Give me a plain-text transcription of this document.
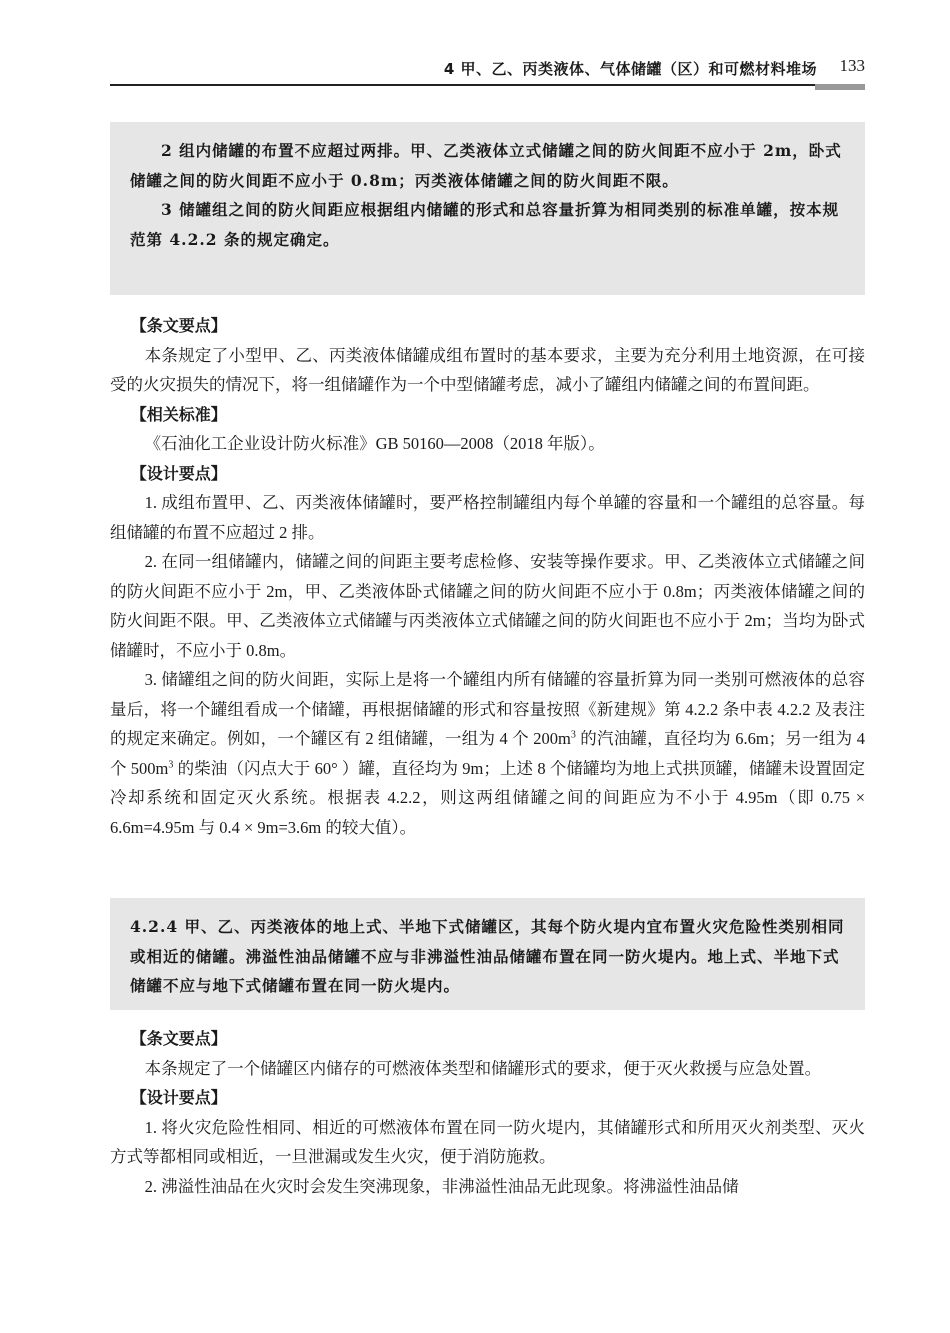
4 甲、乙、丙类液体、气体储罐（区）和可燃材料堆场 133

2 组内储罐的布置不应超过两排。甲、乙类液体立式储罐之间的防火间距不应小于 2m，卧式储罐之间的防火间距不应小于 0.8m；丙类液体储罐之间的防火间距不限。

3 储罐组之间的防火间距应根据组内储罐的形式和总容量折算为相同类别的标准单罐，按本规范第 4.2.2 条的规定确定。

【条文要点】

本条规定了小型甲、乙、丙类液体储罐成组布置时的基本要求，主要为充分利用土地资源，在可接受的火灾损失的情况下，将一组储罐作为一个中型储罐考虑，减小了罐组内储罐之间的布置间距。

【相关标准】

《石油化工企业设计防火标准》GB 50160—2008（2018 年版）。

【设计要点】

1. 成组布置甲、乙、丙类液体储罐时，要严格控制罐组内每个单罐的容量和一个罐组的总容量。每组储罐的布置不应超过 2 排。

2. 在同一组储罐内，储罐之间的间距主要考虑检修、安装等操作要求。甲、乙类液体立式储罐之间的防火间距不应小于 2m，甲、乙类液体卧式储罐之间的防火间距不应小于 0.8m；丙类液体储罐之间的防火间距不限。甲、乙类液体立式储罐与丙类液体立式储罐之间的防火间距也不应小于 2m；当均为卧式储罐时，不应小于 0.8m。

3. 储罐组之间的防火间距，实际上是将一个罐组内所有储罐的容量折算为同一类别可燃液体的总容量后，将一个罐组看成一个储罐，再根据储罐的形式和容量按照《新建规》第 4.2.2 条中表 4.2.2 及表注的规定来确定。例如，一个罐区有 2 组储罐，一组为 4 个 $200m^3$ 的汽油罐，直径均为 6.6m；另一组为 4 个 $500m^3$ 的柴油（闪点大于 60° ）罐，直径均为 9m；上述 8 个储罐均为地上式拱顶罐，储罐未设置固定冷却系统和固定灭火系统。根据表 4.2.2，则这两组储罐之间的间距应为不小于 4.95m（即 0.75 × 6.6m=4.95m 与 0.4 × 9m=3.6m 的较大值）。

4.2.4 甲、乙、丙类液体的地上式、半地下式储罐区，其每个防火堤内宜布置火灾危险性类别相同或相近的储罐。沸溢性油品储罐不应与非沸溢性油品储罐布置在同一防火堤内。地上式、半地下式储罐不应与地下式储罐布置在同一防火堤内。

【条文要点】

本条规定了一个储罐区内储存的可燃液体类型和储罐形式的要求，便于灭火救援与应急处置。

【设计要点】

1. 将火灾危险性相同、相近的可燃液体布置在同一防火堤内，其储罐形式和所用灭火剂类型、灭火方式等都相同或相近，一旦泄漏或发生火灾，便于消防施救。

2. 沸溢性油品在火灾时会发生突沸现象，非沸溢性油品无此现象。将沸溢性油品储
